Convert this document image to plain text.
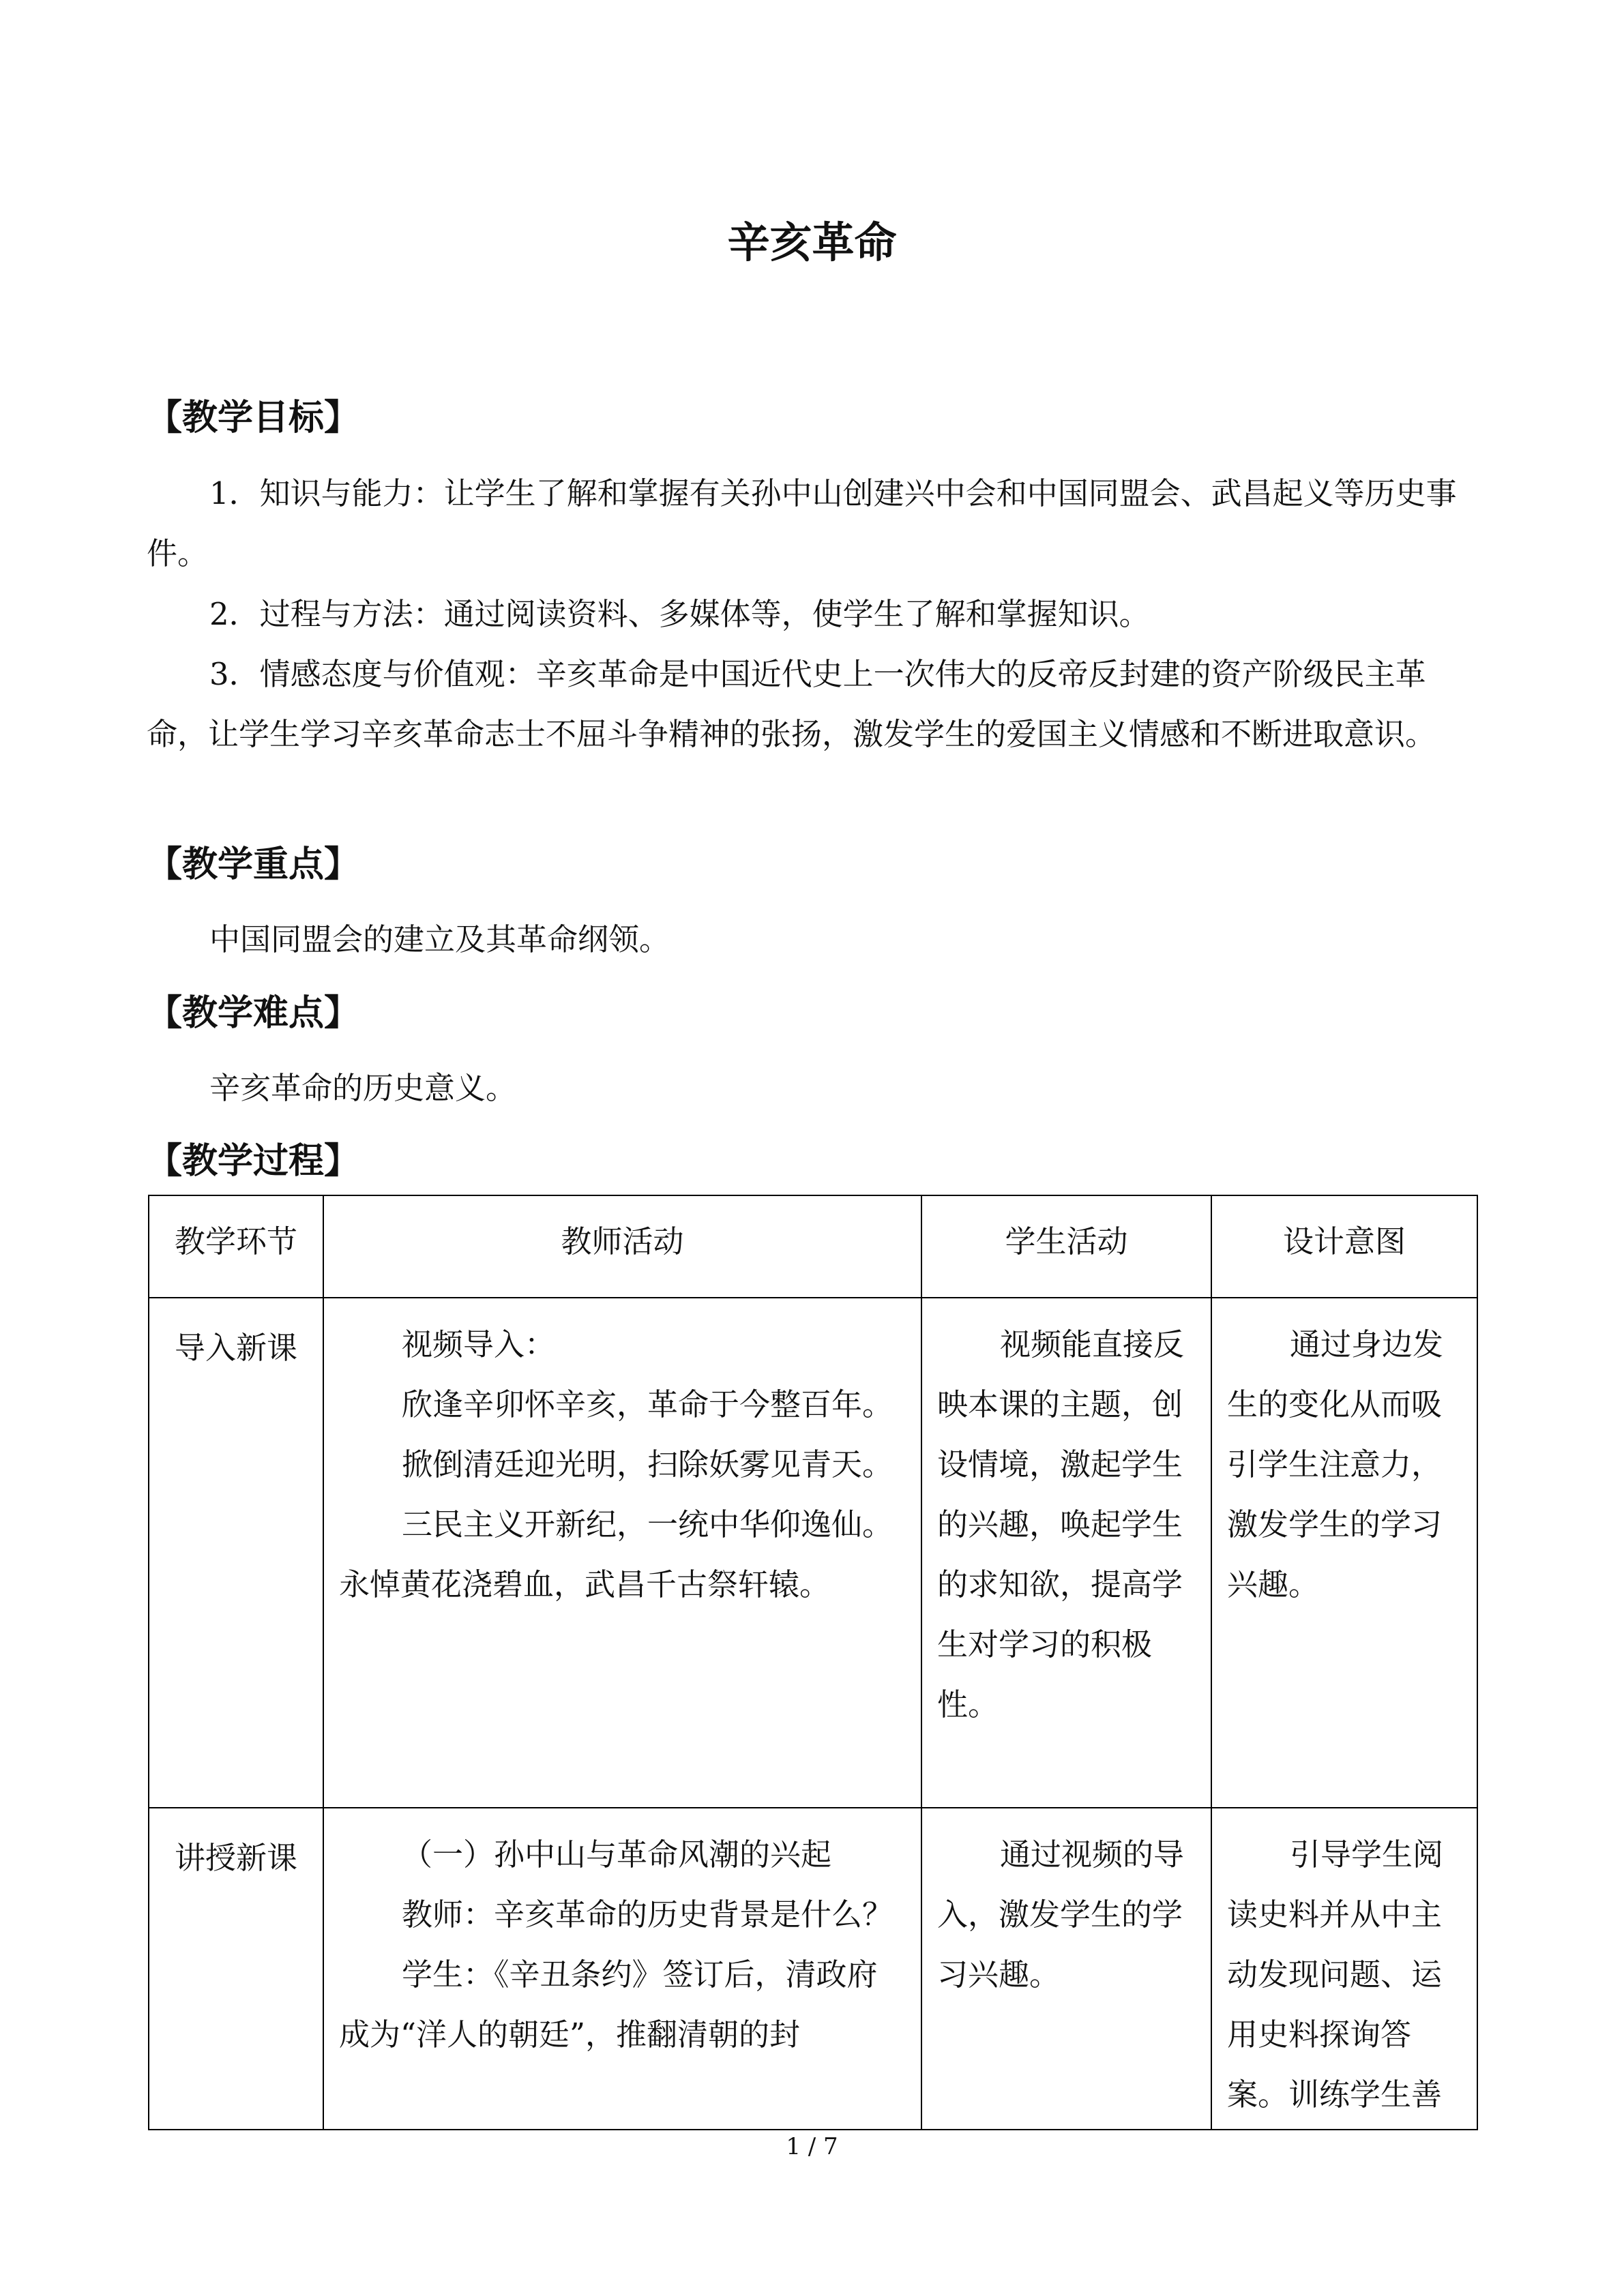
辛亥革命
【教学目标】
1．知识与能力：让学生了解和掌握有关孙中山创建兴中会和中国同盟会、武昌起义等历史事件。
2．过程与方法：通过阅读资料、多媒体等，使学生了解和掌握知识。
3．情感态度与价值观：辛亥革命是中国近代史上一次伟大的反帝反封建的资产阶级民主革命，让学生学习辛亥革命志士不屈斗争精神的张扬，激发学生的爱国主义情感和不断进取意识。
【教学重点】
中国同盟会的建立及其革命纲领。
【教学难点】
辛亥革命的历史意义。
【教学过程】
教学环节	教师活动	学生活动	设计意图
导入新课	视频导入：

欣逢辛卯怀辛亥，革命于今整百年。

掀倒清廷迎光明，扫除妖雾见青天。

三民主义开新纪，一统中华仰逸仙。

永悼黄花浇碧血，武昌千古祭轩辕。	视频能直接反映本课的主题，创设情境，激起学生的兴趣，唤起学生的求知欲，提高学生对学习的积极性。	通过身边发生的变化从而吸引学生注意力，激发学生的学习兴趣。

讲授新课	（一）孙中山与革命风潮的兴起

教师：辛亥革命的历史背景是什么？

学生：《辛丑条约》签订后，清政府成为“洋人的朝廷”，推翻清朝的封	通过视频的导入，激发学生的学习兴趣。	引导学生阅读史料并从中主动发现问题、运用史料探询答案。训练学生善

1 / 7
